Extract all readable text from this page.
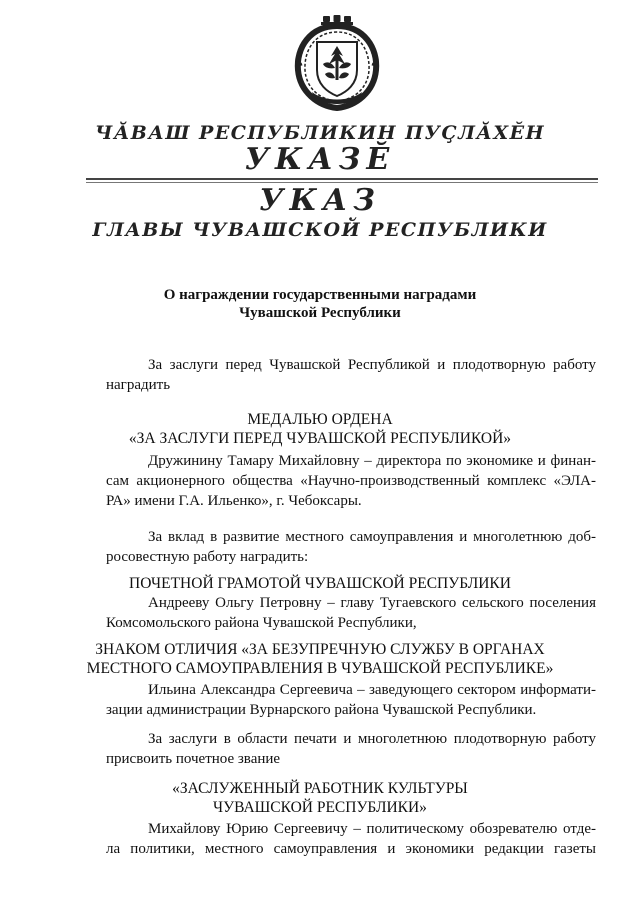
ЧӐВАШ РЕСПУБЛИКИН ПУҪЛӐХӖН
УКАЗӖ
УКАЗ
ГЛАВЫ ЧУВАШСКОЙ РЕСПУБЛИКИ
О награждении государственными наградами
Чувашской Республики
За заслуги перед Чувашской Республикой и плодотворную работу
наградить
МЕДАЛЬЮ ОРДЕНА
«ЗА ЗАСЛУГИ ПЕРЕД ЧУВАШСКОЙ РЕСПУБЛИКОЙ»
Дружинину Тамару Михайловну – директора по экономике и финан-
сам акционерного общества «Научно-производственный комплекс «ЭЛА-
РА» имени Г.А. Ильенко», г. Чебоксары.
За вклад в развитие местного самоуправления и многолетнюю доб-
росовестную работу наградить:
ПОЧЕТНОЙ ГРАМОТОЙ ЧУВАШСКОЙ РЕСПУБЛИКИ
Андрееву Ольгу Петровну – главу Тугаевского сельского поселения
Комсомольского района Чувашской Республики,
ЗНАКОМ ОТЛИЧИЯ «ЗА БЕЗУПРЕЧНУЮ СЛУЖБУ В ОРГАНАХ
МЕСТНОГО САМОУПРАВЛЕНИЯ В ЧУВАШСКОЙ РЕСПУБЛИКЕ»
Ильина Александра Сергеевича – заведующего сектором информати-
зации администрации Вурнарского района Чувашской Республики.
За заслуги в области печати и многолетнюю плодотворную работу
присвоить почетное звание
«ЗАСЛУЖЕННЫЙ РАБОТНИК КУЛЬТУРЫ
ЧУВАШСКОЙ РЕСПУБЛИКИ»
Михайлову Юрию Сергеевичу – политическому обозревателю отде-
ла политики, местного самоуправления и экономики редакции газеты
